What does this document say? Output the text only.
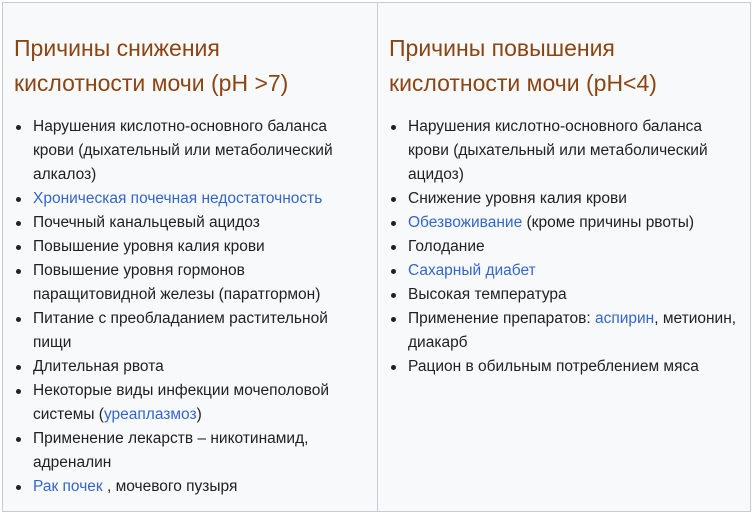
Причины снижения
кислотности мочи (pH >7)
Нарушения кислотно-основного баланса крови (дыхательный или метаболический алкалоз)
Хроническая почечная недостаточность
Почечный канальцевый ацидоз
Повышение уровня калия крови
Повышение уровня гормонов паращитовидной железы (паратгормон)
Питание с преобладанием растительной пищи
Длительная рвота
Некоторые виды инфекции мочеполовой системы (уреаплазмоз)
Применение лекарств – никотинамид, адреналин
Рак почек , мочевого пузыря
Причины повышения
кислотности мочи (pH<4)
Нарушения кислотно-основного баланса крови (дыхательный или метаболический ацидоз)
Снижение уровня калия крови
Обезвоживание (кроме причины рвоты)
Голодание
Сахарный диабет
Высокая температура
Применение препаратов: аспирин, метионин, диакарб
Рацион в обильным потреблением мяса
